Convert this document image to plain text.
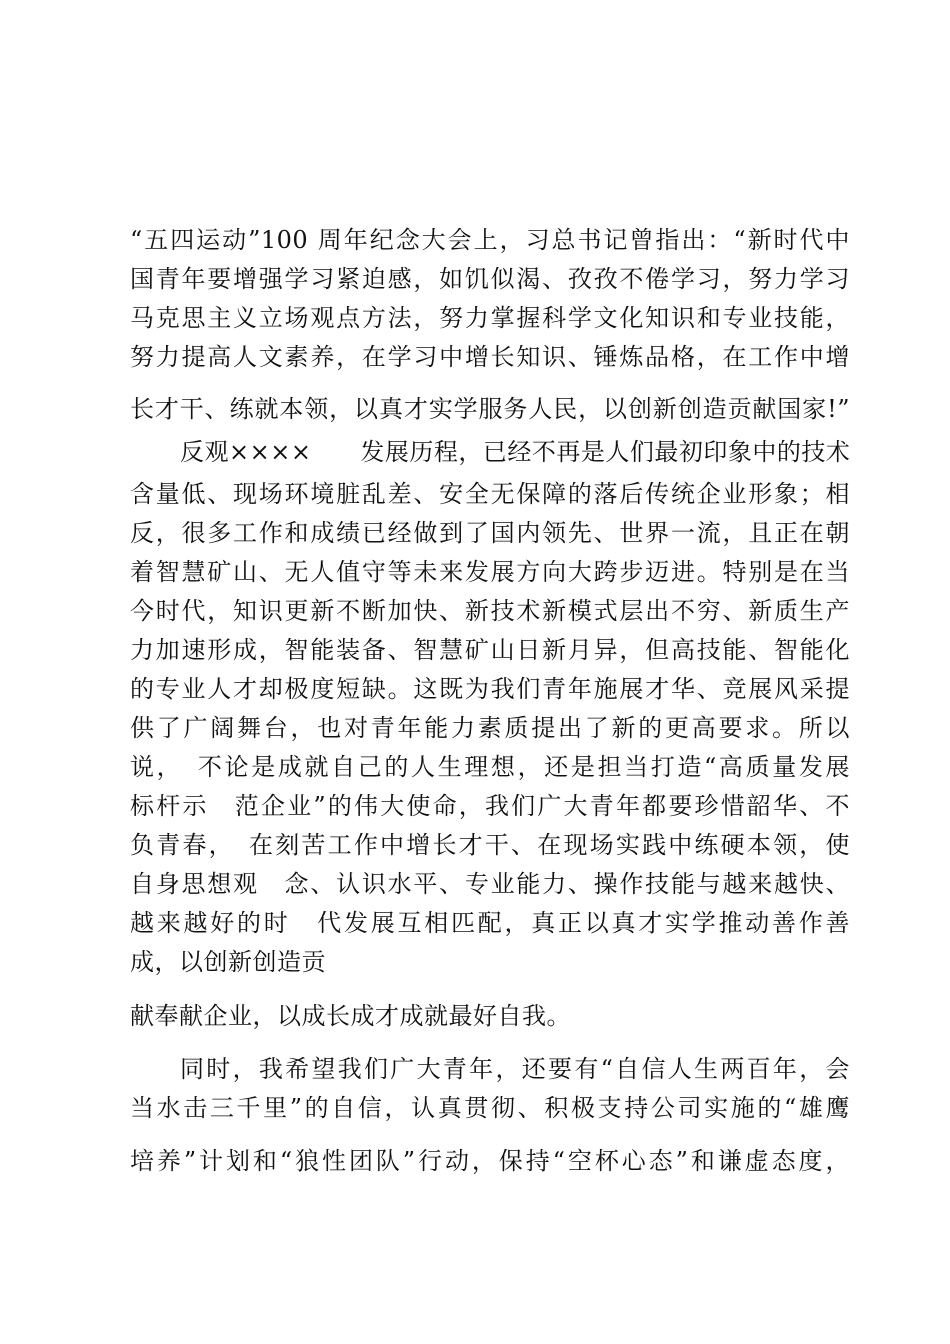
“五四运动”100 周年纪念大会上，习总书记曾指出：“新时代中
国青年要增强学习紧迫感，如饥似渴、孜孜不倦学习，努力学习
马克思主义立场观点方法，努力掌握科学文化知识和专业技能，
努力提高人文素养，在学习中增长知识、锤炼品格，在工作中增
长才干、练就本领，以真才实学服务人民，以创新创造贡献国家!”
反观××××　　发展历程，已经不再是人们最初印象中的技术
含量低、现场环境脏乱差、安全无保障的落后传统企业形象；相
反，很多工作和成绩已经做到了国内领先、世界一流，且正在朝
着智慧矿山、无人值守等未来发展方向大跨步迈进。特别是在当
今时代，知识更新不断加快、新技术新模式层出不穷、新质生产
力加速形成，智能装备、智慧矿山日新月异，但高技能、智能化
的专业人才却极度短缺。这既为我们青年施展才华、竞展风采提
供了广阔舞台，也对青年能力素质提出了新的更高要求。所以
说，　不论是成就自己的人生理想，还是担当打造“高质量发展
标杆示　范企业”的伟大使命，我们广大青年都要珍惜韶华、不
负青春，　在刻苦工作中增长才干、在现场实践中练硬本领，使
自身思想观　念、认识水平、专业能力、操作技能与越来越快、
越来越好的时　代发展互相匹配，真正以真才实学推动善作善
成，以创新创造贡
献奉献企业，以成长成才成就最好自我。
同时，我希望我们广大青年，还要有“自信人生两百年，会
当水击三千里”的自信，认真贯彻、积极支持公司实施的“雄鹰
培养”计划和“狼性团队”行动，保持“空杯心态”和谦虚态度，
